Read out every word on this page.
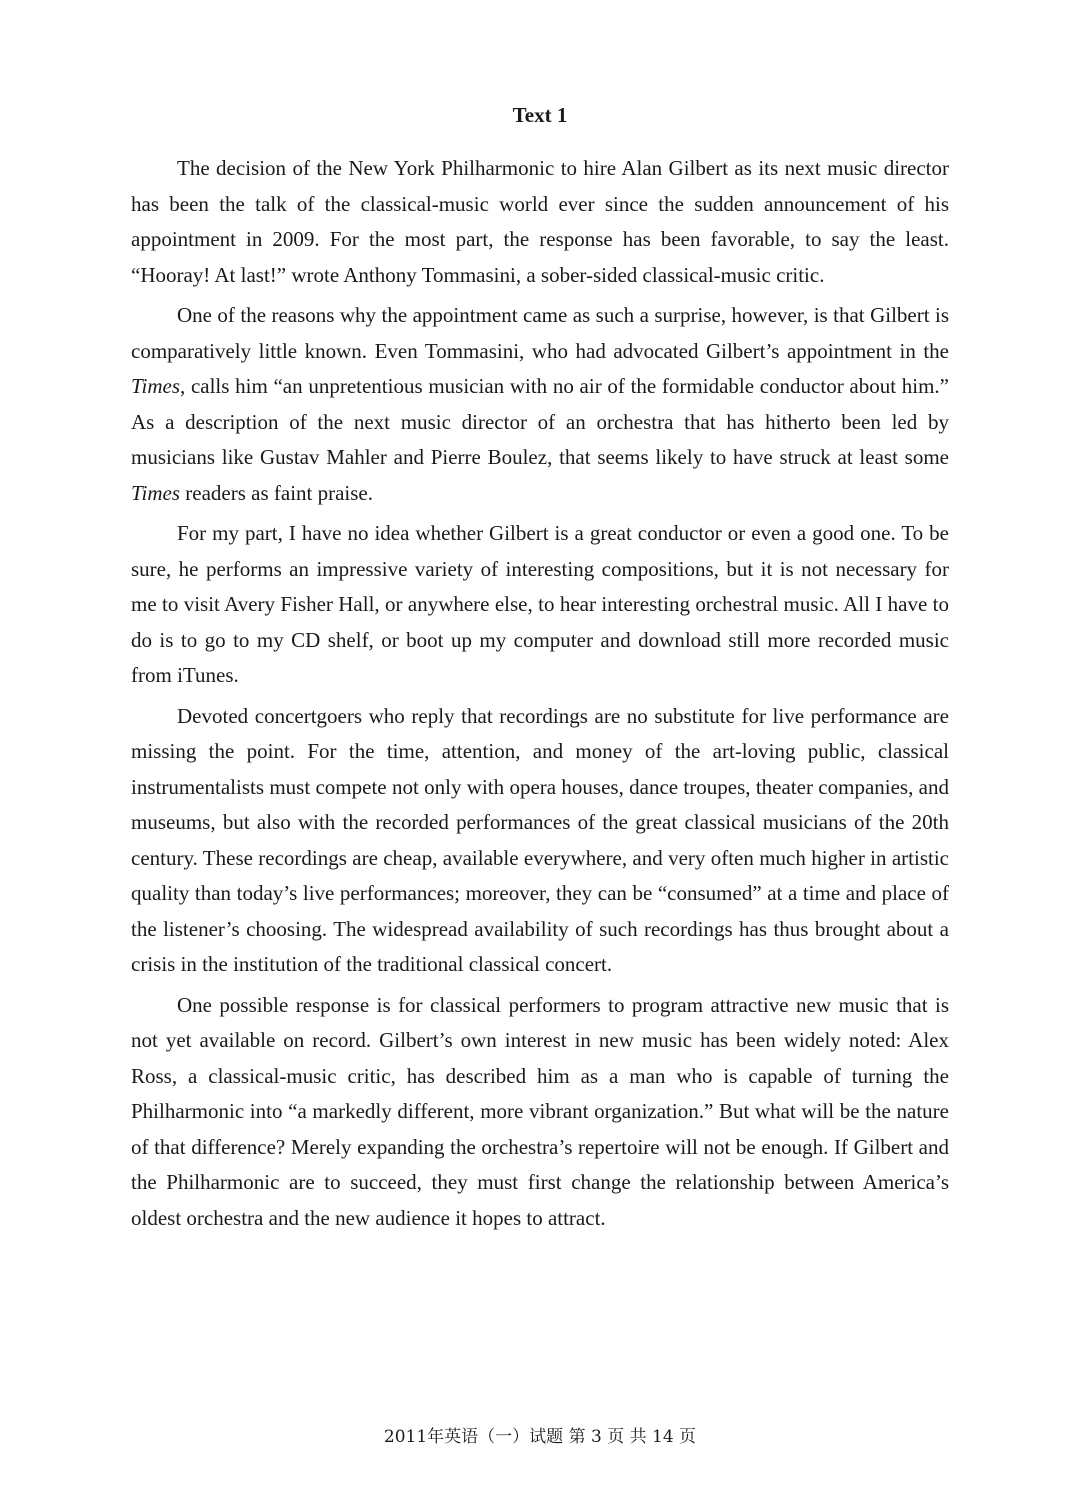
Text 1

The decision of the New York Philharmonic to hire Alan Gilbert as its next music director has been the talk of the classical-music world ever since the sudden announcement of his appointment in 2009. For the most part, the response has been favorable, to say the least. “Hooray! At last!” wrote Anthony Tommasini, a sober-sided classical-music critic.

One of the reasons why the appointment came as such a surprise, however, is that Gilbert is comparatively little known. Even Tommasini, who had advocated Gilbert’s appointment in the Times, calls him “an unpretentious musician with no air of the formidable conductor about him.” As a description of the next music director of an orchestra that has hitherto been led by musicians like Gustav Mahler and Pierre Boulez, that seems likely to have struck at least some Times readers as faint praise.

For my part, I have no idea whether Gilbert is a great conductor or even a good one. To be sure, he performs an impressive variety of interesting compositions, but it is not necessary for me to visit Avery Fisher Hall, or anywhere else, to hear interesting orchestral music. All I have to do is to go to my CD shelf, or boot up my computer and download still more recorded music from iTunes.

Devoted concertgoers who reply that recordings are no substitute for live performance are missing the point. For the time, attention, and money of the art-loving public, classical instrumentalists must compete not only with opera houses, dance troupes, theater companies, and museums, but also with the recorded performances of the great classical musicians of the 20th century. These recordings are cheap, available everywhere, and very often much higher in artistic quality than today’s live performances; moreover, they can be “consumed” at a time and place of the listener’s choosing. The widespread availability of such recordings has thus brought about a crisis in the institution of the traditional classical concert.

One possible response is for classical performers to program attractive new music that is not yet available on record. Gilbert’s own interest in new music has been widely noted: Alex Ross, a classical-music critic, has described him as a man who is capable of turning the Philharmonic into “a markedly different, more vibrant organization.” But what will be the nature of that difference? Merely expanding the orchestra’s repertoire will not be enough. If Gilbert and the Philharmonic are to succeed, they must first change the relationship between America’s oldest orchestra and the new audience it hopes to attract.

2011年英语（一）试题 第 3 页 共 14 页
